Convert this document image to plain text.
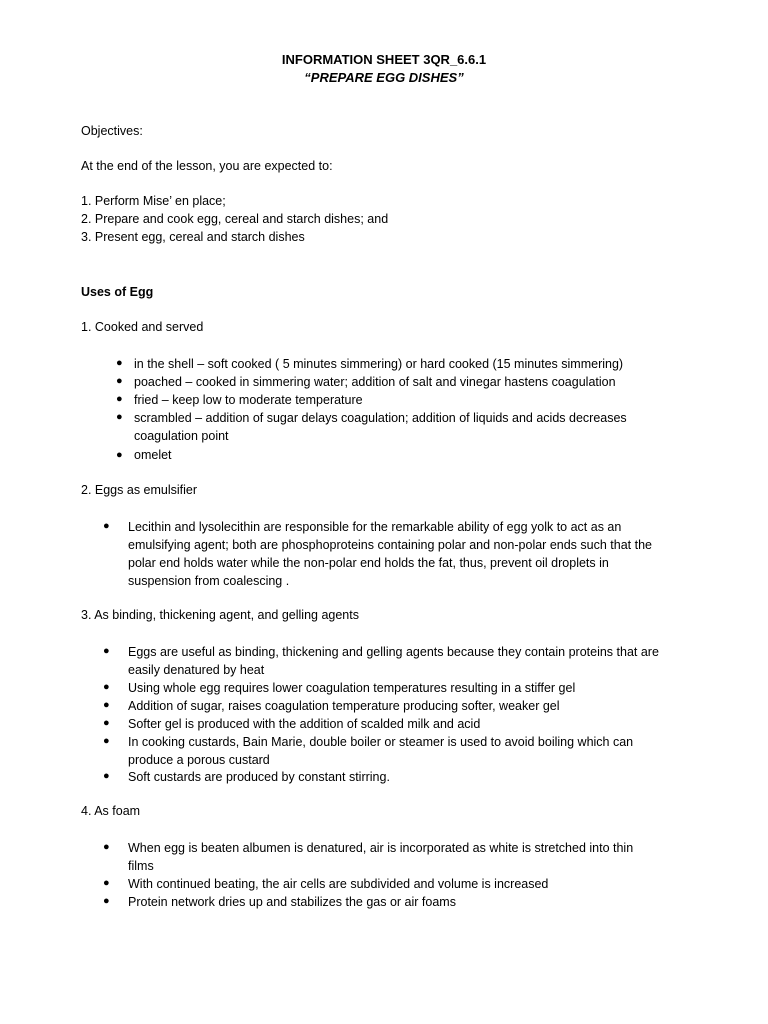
INFORMATION SHEET 3QR_6.6.1
“PREPARE EGG DISHES”
Objectives:
At the end of the lesson, you are expected to:
1. Perform Mise’ en place;
2. Prepare and cook egg, cereal and starch dishes; and
3. Present egg, cereal and starch dishes
Uses of Egg
1. Cooked and served
● in the shell – soft cooked ( 5 minutes simmering) or hard cooked (15 minutes simmering)
● poached – cooked in simmering water; addition of salt and vinegar hastens coagulation
● fried – keep low to moderate temperature
● scrambled – addition of sugar delays coagulation; addition of liquids and acids decreases
coagulation point
● omelet
2. Eggs as emulsifier
● Lecithin and lysolecithin are responsible for the remarkable ability of egg yolk to act as an
emulsifying agent; both are phosphoproteins containing polar and non-polar ends such that the
polar end holds water while the non-polar end holds the fat, thus, prevent oil droplets in
suspension from coalescing .
3. As binding, thickening agent, and gelling agents
● Eggs are useful as binding, thickening and gelling agents because they contain proteins that are
easily denatured by heat
● Using whole egg requires lower coagulation temperatures resulting in a stiffer gel
● Addition of sugar, raises coagulation temperature producing softer, weaker gel
● Softer gel is produced with the addition of scalded milk and acid
● In cooking custards, Bain Marie, double boiler or steamer is used to avoid boiling which can
produce a porous custard
● Soft custards are produced by constant stirring.
4. As foam
● When egg is beaten albumen is denatured, air is incorporated as white is stretched into thin
films
● With continued beating, the air cells are subdivided and volume is increased
● Protein network dries up and stabilizes the gas or air foams
